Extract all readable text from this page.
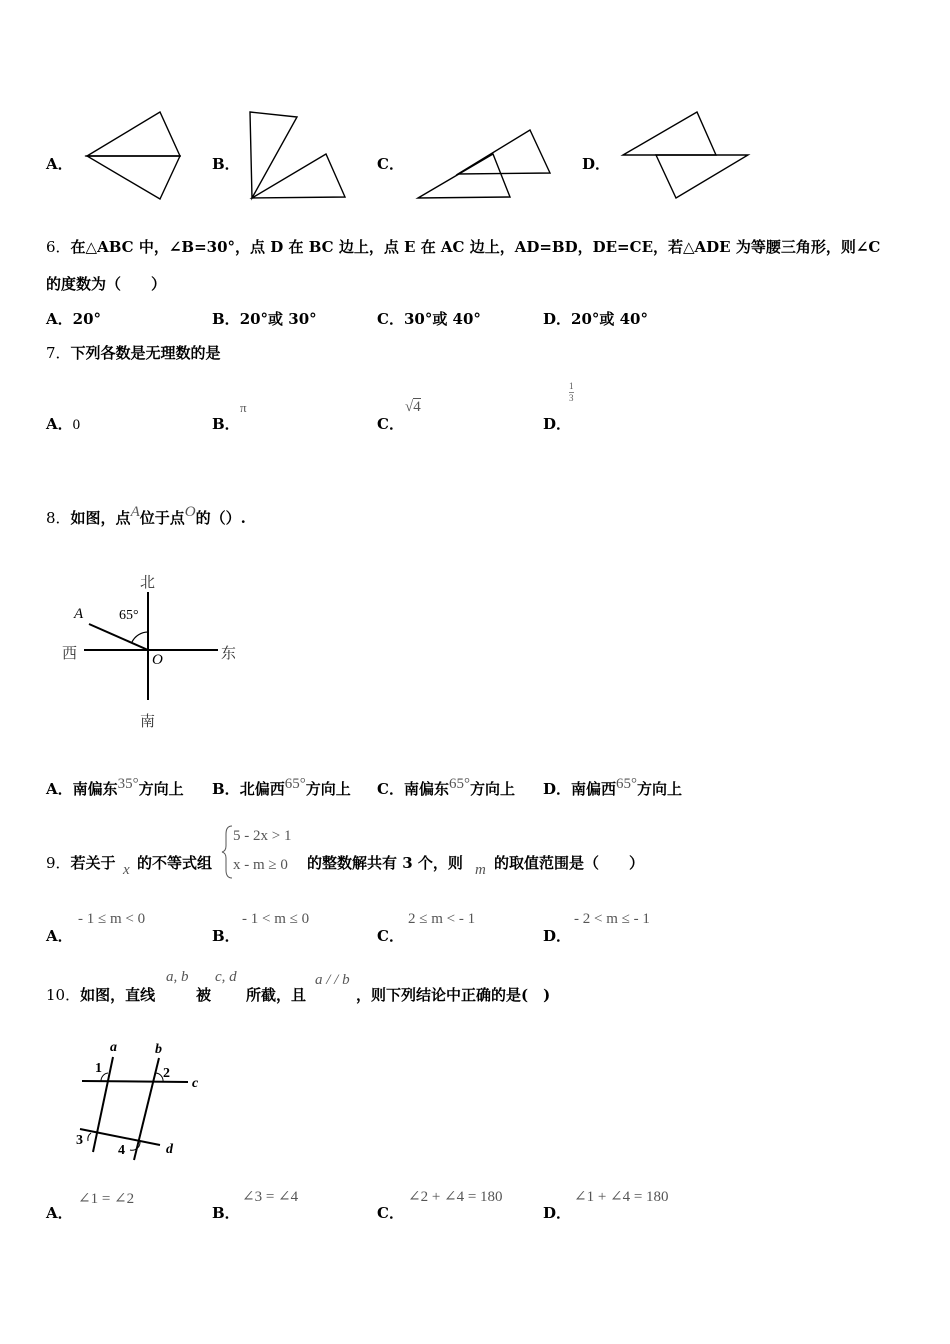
A．	B．	C．	D．
6．在△ABC 中，∠B=30°，点 D 在 BC 边上，点 E 在 AC 边上，AD=BD，DE=CE，若△ADE 为等腰三角形，则∠C
的度数为（　　）
A．20°	B．20°或 30°	C．30°或 40°	D．20°或 40°
7．下列各数是无理数的是
A．0	B．
π
C．
√4
D．
$\frac{1}{3}$
8．如图，点A位于点O的（）.
北
南
东
西
A
O
65°
A．南偏东35°方向上 B．北偏西65°方向上 C．南偏东65°方向上 D．南偏西65°方向上
9．若关于 x 的不等式组
5 - 2x > 1
x - m ≥ 0 的整数解共有 3 个，则 m 的取值范围是（　　）
A．
- 1 ≤ m < 0
B．
- 1 < m ≤ 0
C．
2 ≤ m < - 1
D．
- 2 < m ≤ - 1
10．如图，直线
a, b
被
c, d
所截，且
a / / b
，则下列结论中正确的是(　)
a	b
c
d
1	2
3
4
A．
∠1 = ∠2
B．
∠3 = ∠4
C．
∠2 + ∠4 = 180
D．
∠1 + ∠4 = 180
